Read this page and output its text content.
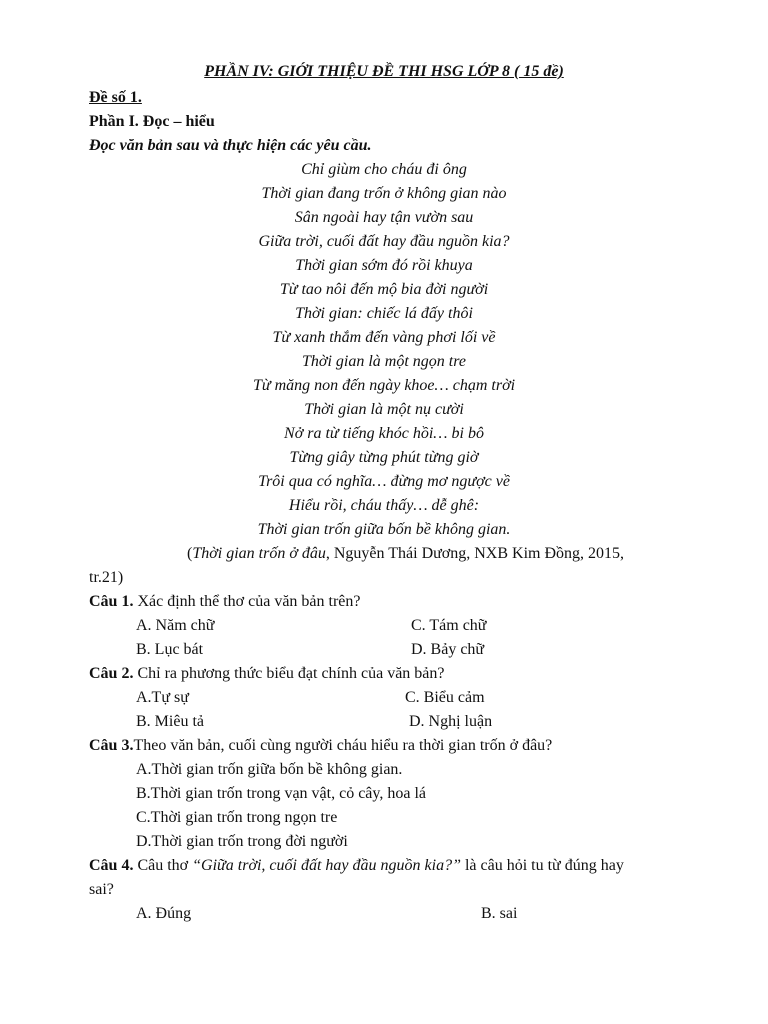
PHẦN IV: GIỚI THIỆU ĐỀ THI HSG LỚP 8 ( 15 đề)
Đề số 1.
Phần I. Đọc – hiểu
Đọc văn bản sau và thực hiện các yêu cầu.
Chỉ giùm cho cháu đi ông
Thời gian đang trốn ở không gian nào
Sân ngoài hay tận vườn sau
Giữa trời, cuối đất hay đầu nguồn kia?
Thời gian sớm đó rồi khuya
Từ tao nôi đến mộ bia đời người
Thời gian: chiếc lá đấy thôi
Từ xanh thắm đến vàng phơi lối về
Thời gian là một ngọn tre
Từ măng non đến ngày khoe… chạm trời
Thời gian là một nụ cười
Nở ra từ tiếng khóc hồi… bi bô
Từng giây từng phút từng giờ
Trôi qua có nghĩa… đừng mơ ngược về
Hiểu rồi, cháu thấy… dễ ghê:
Thời gian trốn giữa bốn bề không gian.
(Thời gian trốn ở đâu, Nguyễn Thái Dương, NXB Kim Đồng, 2015,
tr.21)
Câu 1. Xác định thể thơ của văn bản trên?
A. Năm chữ	C. Tám chữ
B. Lục bát	D. Bảy chữ
Câu 2. Chỉ ra phương thức biểu đạt chính của văn bản?
A.Tự sự	C. Biểu cảm
B. Miêu tả	D. Nghị luận
Câu 3.Theo văn bản, cuối cùng người cháu hiểu ra thời gian trốn ở đâu?
A.Thời gian trốn giữa bốn bề không gian.
B.Thời gian trốn trong vạn vật, cỏ cây, hoa lá
C.Thời gian trốn trong ngọn tre
D.Thời gian trốn trong đời người
Câu 4. Câu thơ “Giữa trời, cuối đất hay đầu nguồn kia?” là câu hỏi tu từ đúng hay
sai?
A. Đúng	B. sai
